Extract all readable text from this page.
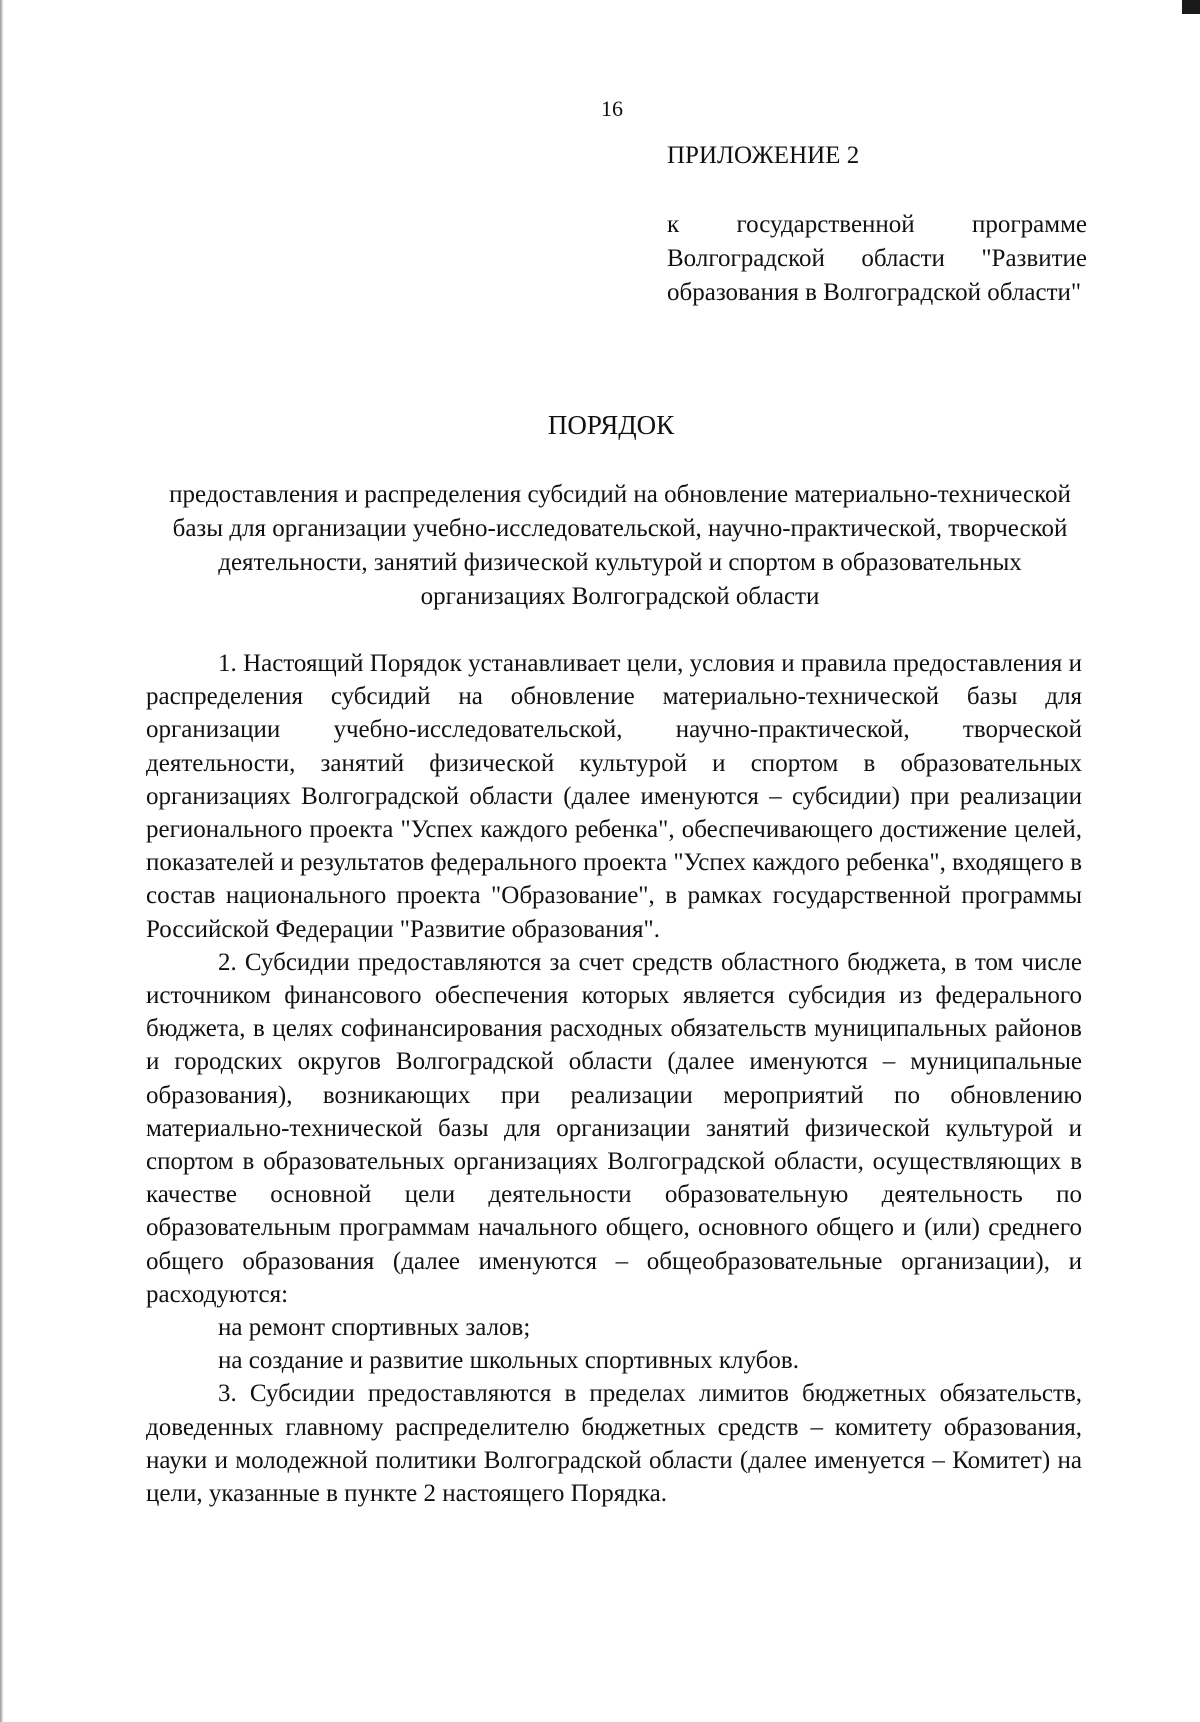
16
ПРИЛОЖЕНИЕ 2
к государственной программе Волгоградской области "Развитие образования в Волгоградской области"
ПОРЯДОК
предоставления и распределения субсидий на обновление материально-технической базы для организации учебно-исследовательской, научно-практической, творческой деятельности, занятий физической культурой и спортом в образовательных организациях Волгоградской области

1. Настоящий Порядок устанавливает цели, условия и правила предоставления и распределения субсидий на обновление материально-технической базы для организации учебно-исследовательской, научно-практической, творческой деятельности, занятий физической культурой и спортом в образовательных организациях Волгоградской области (далее именуются – субсидии) при реализации регионального проекта "Успех каждого ребенка", обеспечивающего достижение целей, показателей и результатов федерального проекта "Успех каждого ребенка", входящего в состав национального проекта "Образование", в рамках государственной программы Российской Федерации "Развитие образования".

2. Субсидии предоставляются за счет средств областного бюджета, в том числе источником финансового обеспечения которых является субсидия из федерального бюджета, в целях софинансирования расходных обязательств муниципальных районов и городских округов Волгоградской области (далее именуются – муниципальные образования), возникающих при реализации мероприятий по обновлению материально-технической базы для организации занятий физической культурой и спортом в образовательных организациях Волгоградской области, осуществляющих в качестве основной цели деятельности образовательную деятельность по образовательным программам начального общего, основного общего и (или) среднего общего образования (далее именуются – общеобразовательные организации), и расходуются:

на ремонт спортивных залов;

на создание и развитие школьных спортивных клубов.

3. Субсидии предоставляются в пределах лимитов бюджетных обязательств, доведенных главному распределителю бюджетных средств – комитету образования, науки и молодежной политики Волгоградской области (далее именуется – Комитет) на цели, указанные в пункте 2 настоящего Порядка.
